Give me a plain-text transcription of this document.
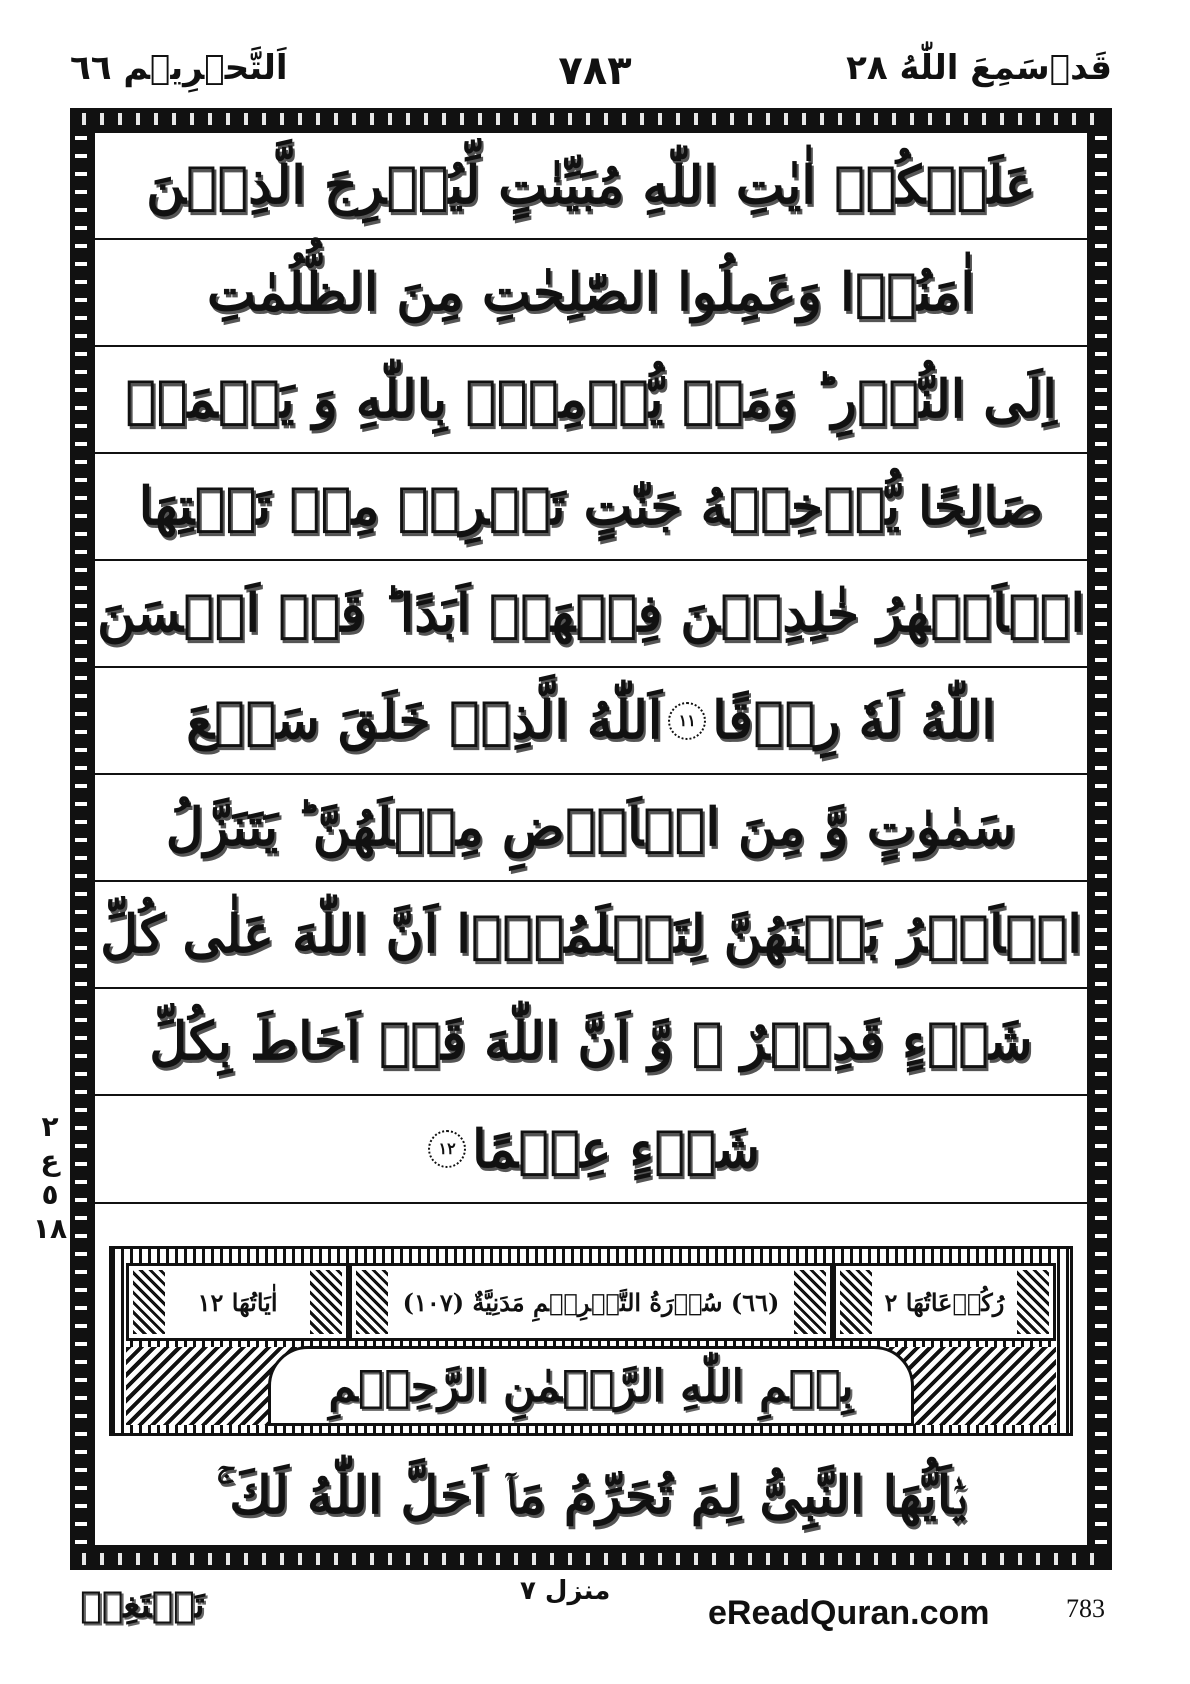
قَدۡسَمِعَ اللّٰهُ ٢٨
٧٨٣
اَلتَّحۡرِيۡم ٦٦
٢
ع ٥
١٨
عَلَيۡكُمۡ اٰيٰتِ اللّٰهِ مُبَيِّنٰتٍ لِّيُخۡرِجَ الَّذِيۡنَ
اٰمَنُوۡا وَعَمِلُوا الصّٰلِحٰتِ مِنَ الظُّلُمٰتِ
اِلَى النُّوۡرِ ؕ وَمَنۡ يُّؤۡمِنۡۢ بِاللّٰهِ وَ يَعۡمَلۡ
صَالِحًا يُّدۡخِلۡهُ جَنّٰتٍ تَجۡرِىۡ مِنۡ تَحۡتِهَا
الۡاَنۡهٰرُ خٰلِدِيۡنَ فِيۡهَاۤ اَبَدًا ؕ قَدۡ اَحۡسَنَ
اللّٰهُ لَهٗ رِزۡقًا
١١
اَللّٰهُ الَّذِىۡ خَلَقَ سَبۡعَ
سَمٰوٰتٍ وَّ مِنَ الۡاَرۡضِ مِثۡلَهُنَّ ؕ يَتَنَزَّلُ
الۡاَمۡرُ بَيۡنَهُنَّ لِتَعۡلَمُوۡۤا اَنَّ اللّٰهَ عَلٰى كُلِّ
شَىۡءٍ قَدِيۡرٌ ۙ وَّ اَنَّ اللّٰهَ قَدۡ اَحَاطَ بِكُلِّ
شَىۡءٍ عِلۡمًا
١٢
اٰيَاتُهَا ١٢	(٦٦) سُوۡرَةُ التَّحۡرِيۡمِ مَدَنِيَّةٌ (١٠٧)	رُكُوۡعَاتُهَا ٢
بِسۡمِ اللّٰهِ الرَّحۡمٰنِ الرَّحِيۡمِ
يٰۤاَيُّهَا النَّبِىُّ لِمَ تُحَرِّمُ مَاۤ اَحَلَّ اللّٰهُ لَكَ ۚ
تَبۡتَغِىۡ	منزل ٧
eReadQuran.com	783
